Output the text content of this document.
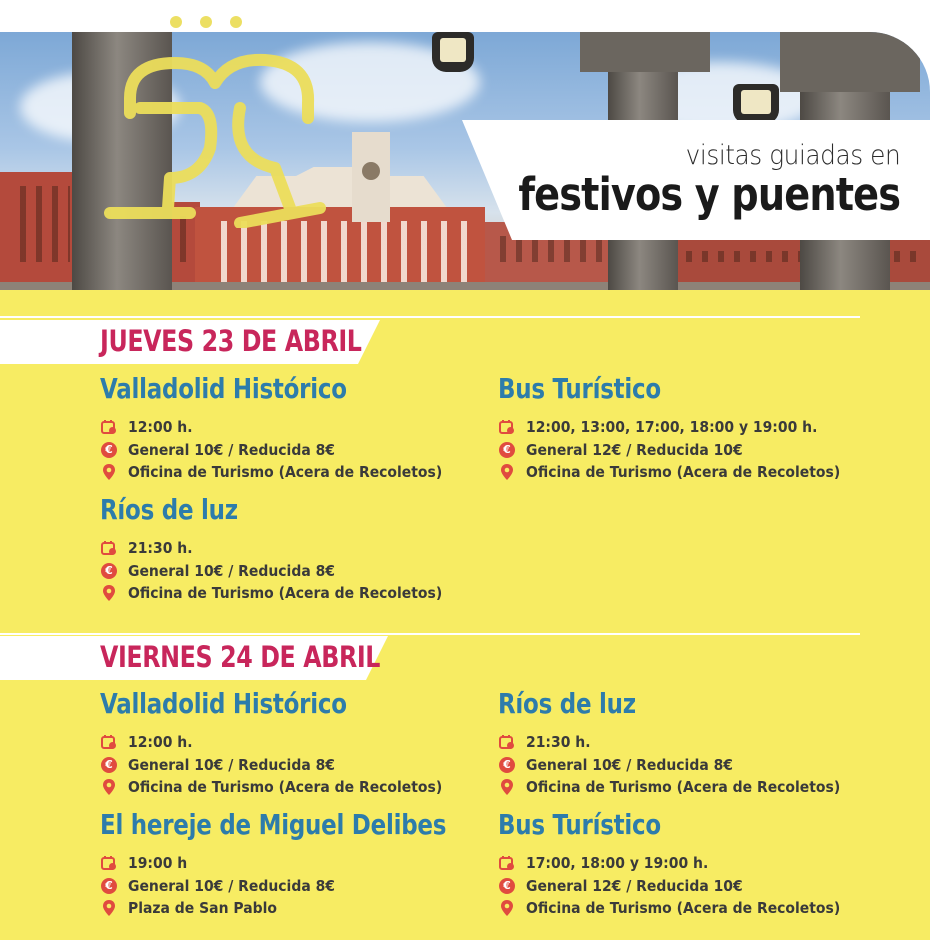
visitas guiadas en
festivos y puentes
JUEVES 23 DE ABRIL
Valladolid Histórico
12:00 h.
€ General 10€ / Reducida 8€
Oficina de Turismo (Acera de Recoletos)
Bus Turístico
12:00, 13:00, 17:00, 18:00 y 19:00 h.
€ General 12€ / Reducida 10€
Oficina de Turismo (Acera de Recoletos)
Ríos de luz
21:30 h.
€ General 10€ / Reducida 8€
Oficina de Turismo (Acera de Recoletos)
VIERNES 24 DE ABRIL
Valladolid Histórico
12:00 h.
€ General 10€ / Reducida 8€
Oficina de Turismo (Acera de Recoletos)
Ríos de luz
21:30 h.
€ General 10€ / Reducida 8€
Oficina de Turismo (Acera de Recoletos)
El hereje de Miguel Delibes
19:00 h
€ General 10€ / Reducida 8€
Plaza de San Pablo
Bus Turístico
17:00, 18:00 y 19:00 h.
€ General 12€ / Reducida 10€
Oficina de Turismo (Acera de Recoletos)
